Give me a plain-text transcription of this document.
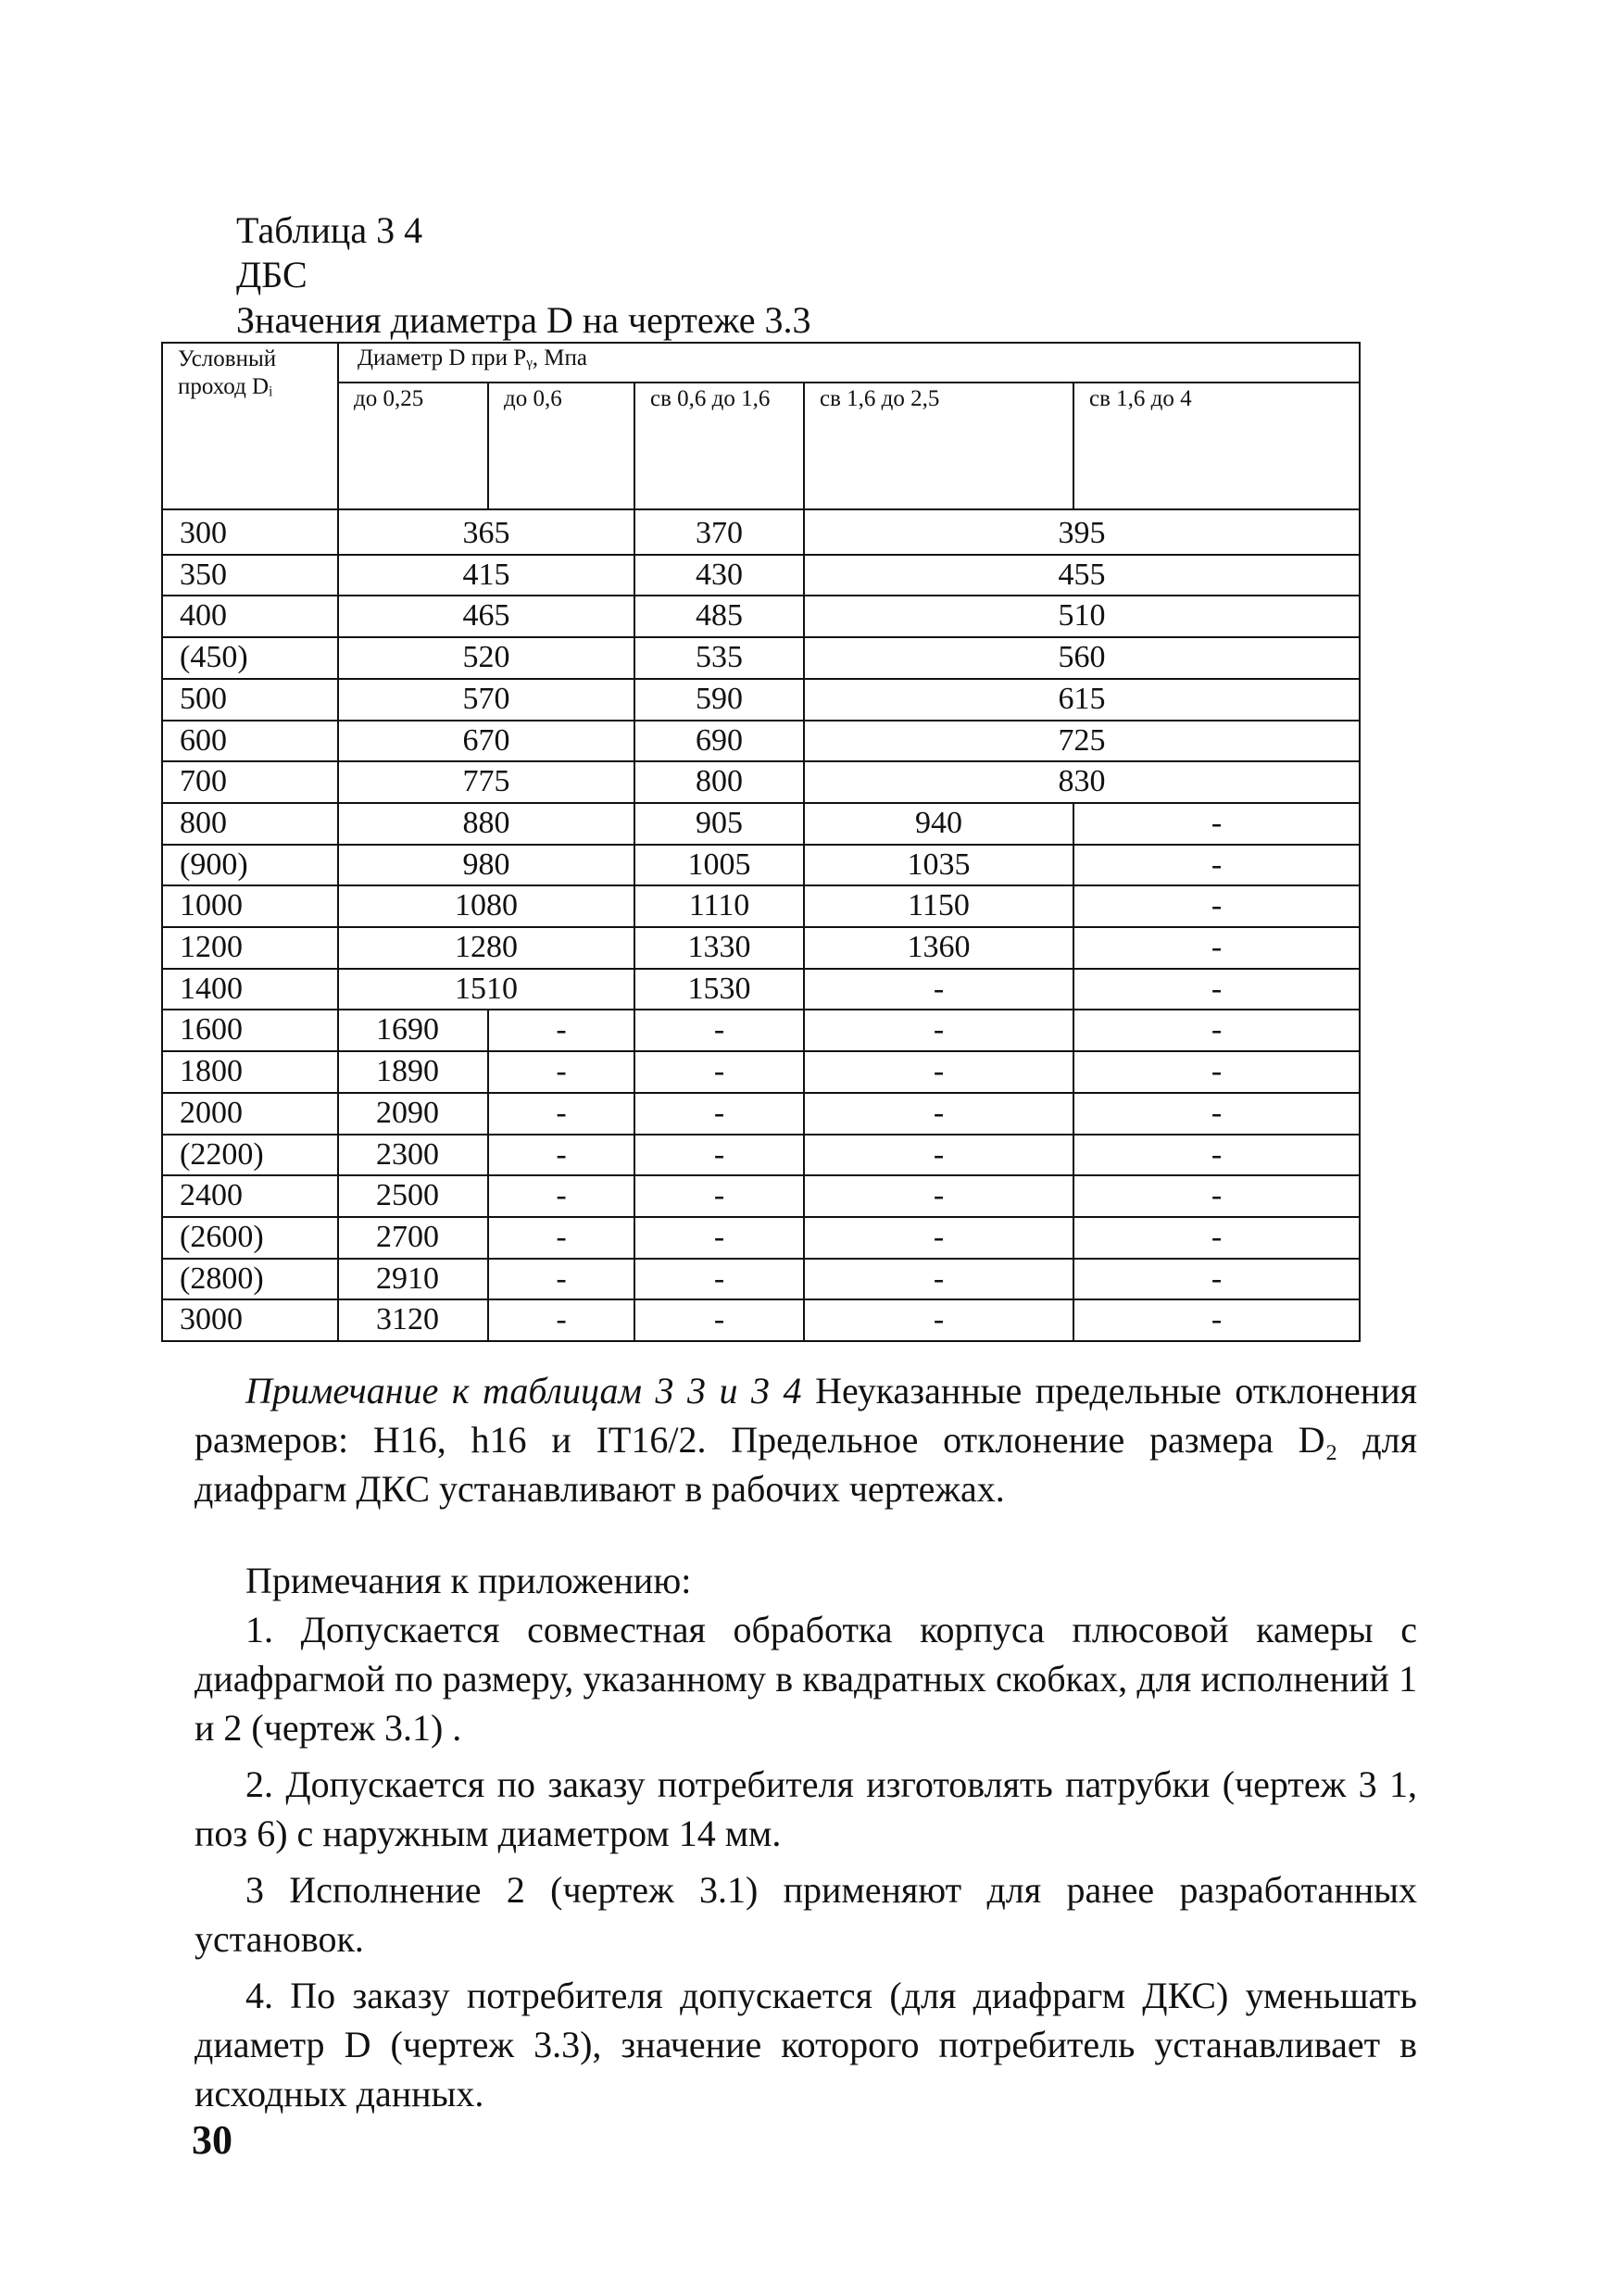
Таблица 3 4
ДБС
Значения диаметра D на чертеже 3.3
Условный проход Dᵢ	Диаметр D при Pᵧ, Мпа				
	до 0,25	до 0,6	св 0,6 до 1,6	св 1,6 до 2,5	св 1,6 до 4
300	365		370	395	
350	415		430	455	
400	465		485	510	
(450)	520		535	560	
500	570		590	615	
600	670		690	725	
700	775		800	830	
800	880		905	940	-
(900)	980		1005	1035	-
1000	1080		1110	1150	-
1200	1280		1330	1360	-
1400	1510		1530	-	-
1600	1690	-	-	-	-
1800	1890	-	-	-	-
2000	2090	-	-	-	-
(2200)	2300	-	-	-	-
2400	2500	-	-	-	-
(2600)	2700	-	-	-	-
(2800)	2910	-	-	-	-
3000	3120	-	-	-	-

Примечание к таблицам 3 3 и 3 4 Неуказанные предельные отклонения размеров: H16, h16 и IT16/2. Предельное отклонение размера D₂ для диафрагм ДКС устанавливают в рабочих чертежах.

Примечания к приложению:

1. Допускается совместная обработка корпуса плюсовой камеры с диафрагмой по размеру, указанному в квадратных скобках, для исполнений 1 и 2 (чертеж 3.1) .

2. Допускается по заказу потребителя изготовлять патрубки (чертеж 3 1, поз 6) с наружным диаметром 14 мм.

3 Исполнение 2 (чертеж 3.1) применяют для ранее разработанных установок.

4. По заказу потребителя допускается (для диафрагм ДКС) уменьшать диаметр D (чертеж 3.3), значение которого потребитель устанавливает в исходных данных.

30
